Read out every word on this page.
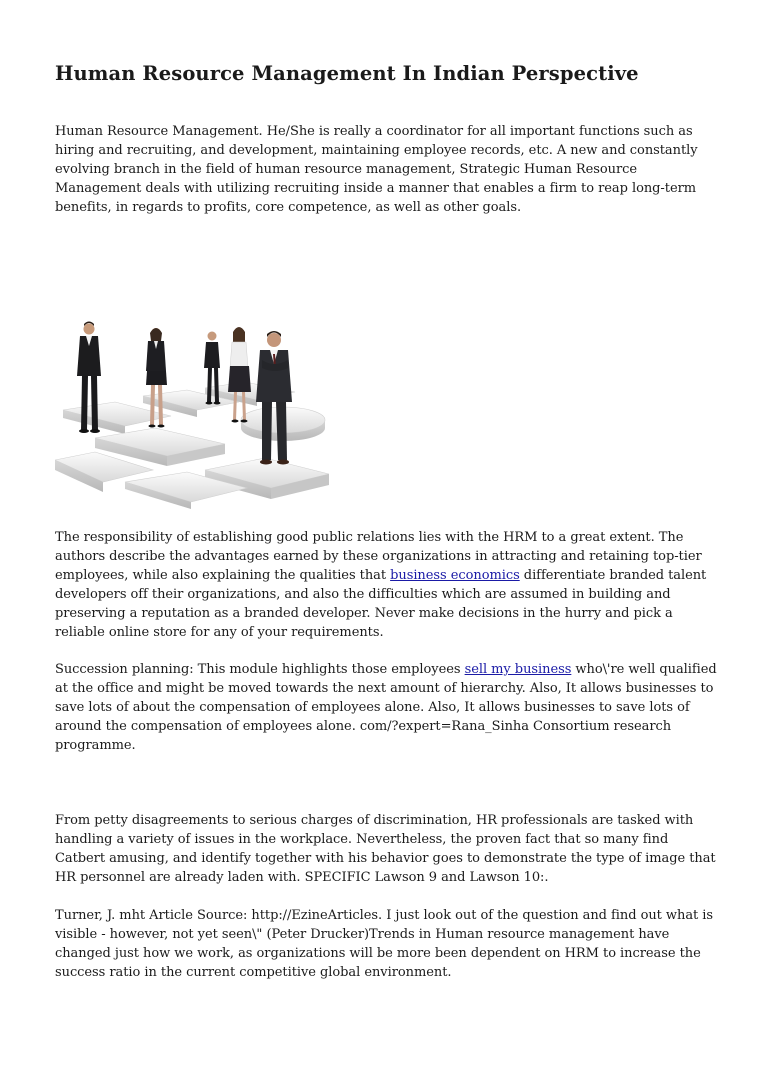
Human Resource Management In Indian Perspective

Human Resource Management. He/She is really a coordinator for all important functions such as
hiring and recruiting, and development, maintaining employee records, etc. A new and constantly
evolving branch in the field of human resource management, Strategic Human Resource
Management deals with utilizing recruiting inside a manner that enables a firm to reap long-term
benefits, in regards to profits, core competence, as well as other goals.

The responsibility of establishing good public relations lies with the HRM to a great extent. The
authors describe the advantages earned by these organizations in attracting and retaining top-tier
employees, while also explaining the qualities that business economics differentiate branded talent
developers off their organizations, and also the difficulties which are assumed in building and
preserving a reputation as a branded developer. Never make decisions in the hurry and pick a
reliable online store for any of your requirements.

Succession planning: This module highlights those employees sell my business who\'re well qualified
at the office and might be moved towards the next amount of hierarchy. Also, It allows businesses to
save lots of about the compensation of employees alone. Also, It allows businesses to save lots of
around the compensation of employees alone. com/?expert=Rana_Sinha Consortium research
programme.

From petty disagreements to serious charges of discrimination, HR professionals are tasked with
handling a variety of issues in the workplace. Nevertheless, the proven fact that so many find
Catbert amusing, and identify together with his behavior goes to demonstrate the type of image that
HR personnel are already laden with. SPECIFIC Lawson 9 and Lawson 10:.

Turner, J. mht Article Source: http://EzineArticles. I just look out of the question and find out what is
visible - however, not yet seen\" (Peter Drucker)Trends in Human resource management have
changed just how we work, as organizations will be more been dependent on HRM to increase the
success ratio in the current competitive global environment.
